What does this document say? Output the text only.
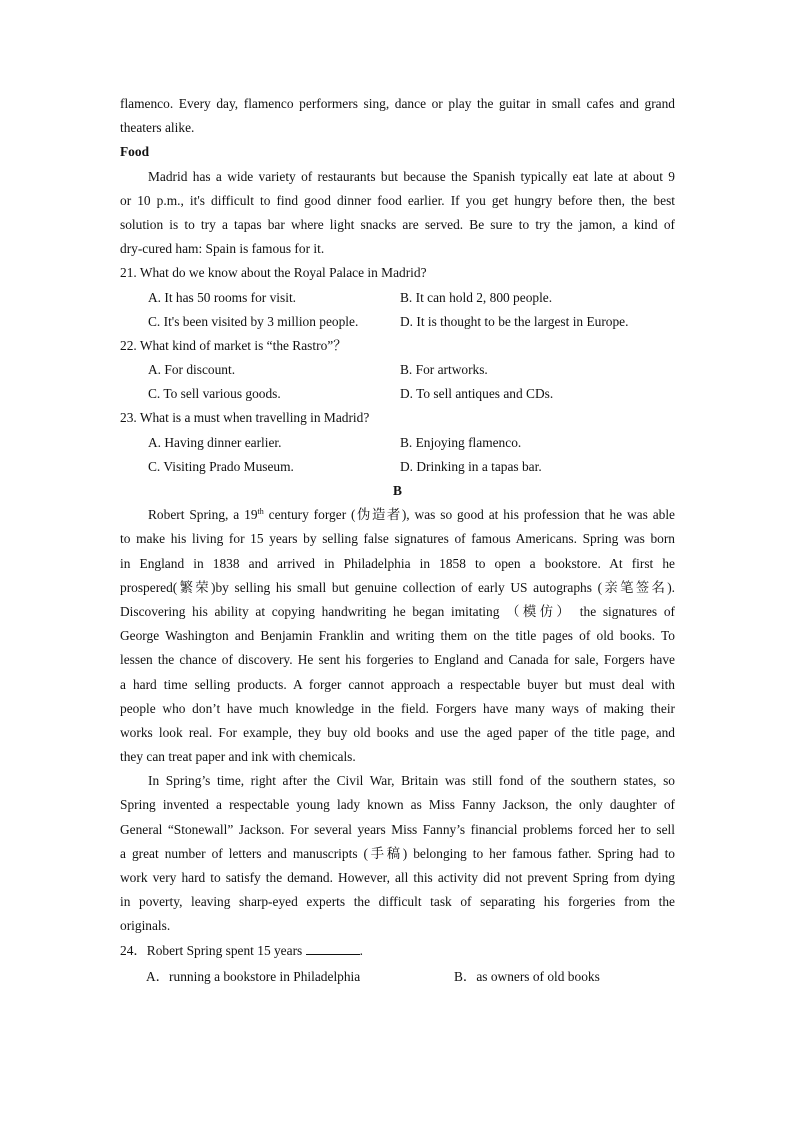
flamenco. Every day, flamenco performers sing, dance or play the guitar in small cafes and grand
theaters alike.
Food
Madrid has a wide variety of restaurants but because the Spanish typically eat late at about 9
or 10 p.m., it's difficult to find good dinner food earlier. If you get hungry before then, the best
solution is to try a tapas bar where light snacks are served. Be sure to try the jamon, a kind of
dry-cured ham: Spain is famous for it.
21. What do we know about the Royal Palace in Madrid?
A. It has 50 rooms for visit.	B. It can hold 2, 800 people.
C. It's been visited by 3 million people.	D. It is thought to be the largest in Europe.
22. What kind of market is “the Rastro”？
A. For discount.	B. For artworks.
C. To sell various goods.	D. To sell antiques and CDs.
23. What is a must when travelling in Madrid?
A. Having dinner earlier.	B. Enjoying flamenco.
C. Visiting Prado Museum.	D. Drinking in a tapas bar.
B
Robert Spring, a 19th century forger (伪造者), was so good at his profession that he was able
to make his living for 15 years by selling false signatures of famous Americans. Spring was born
in England in 1838 and arrived in Philadelphia in 1858 to open a bookstore. At first he
prospered(繁荣)by selling his small but genuine collection of early US autographs (亲笔签名).
Discovering his ability at copying handwriting he began imitating （模仿） the signatures of
George Washington and Benjamin Franklin and writing them on the title pages of old books. To
lessen the chance of discovery. He sent his forgeries to England and Canada for sale, Forgers have
a hard time selling products. A forger cannot approach a respectable buyer but must deal with
people who don’t have much knowledge in the field. Forgers have many ways of making their
works look real. For example, they buy old books and use the aged paper of the title page, and
they can treat paper and ink with chemicals.
In Spring’s time, right after the Civil War, Britain was still fond of the southern states, so
Spring invented a respectable young lady known as Miss Fanny Jackson, the only daughter of
General “Stonewall” Jackson. For several years Miss Fanny’s financial problems forced her to sell
a great number of letters and manuscripts (手稿) belonging to her famous father. Spring had to
work very hard to satisfy the demand. However, all this activity did not prevent Spring from dying
in poverty, leaving sharp-eyed experts the difficult task of separating his forgeries from the
originals.
24．Robert Spring spent 15 years	.
A．running a bookstore in Philadelphia	B．as owners of old books
